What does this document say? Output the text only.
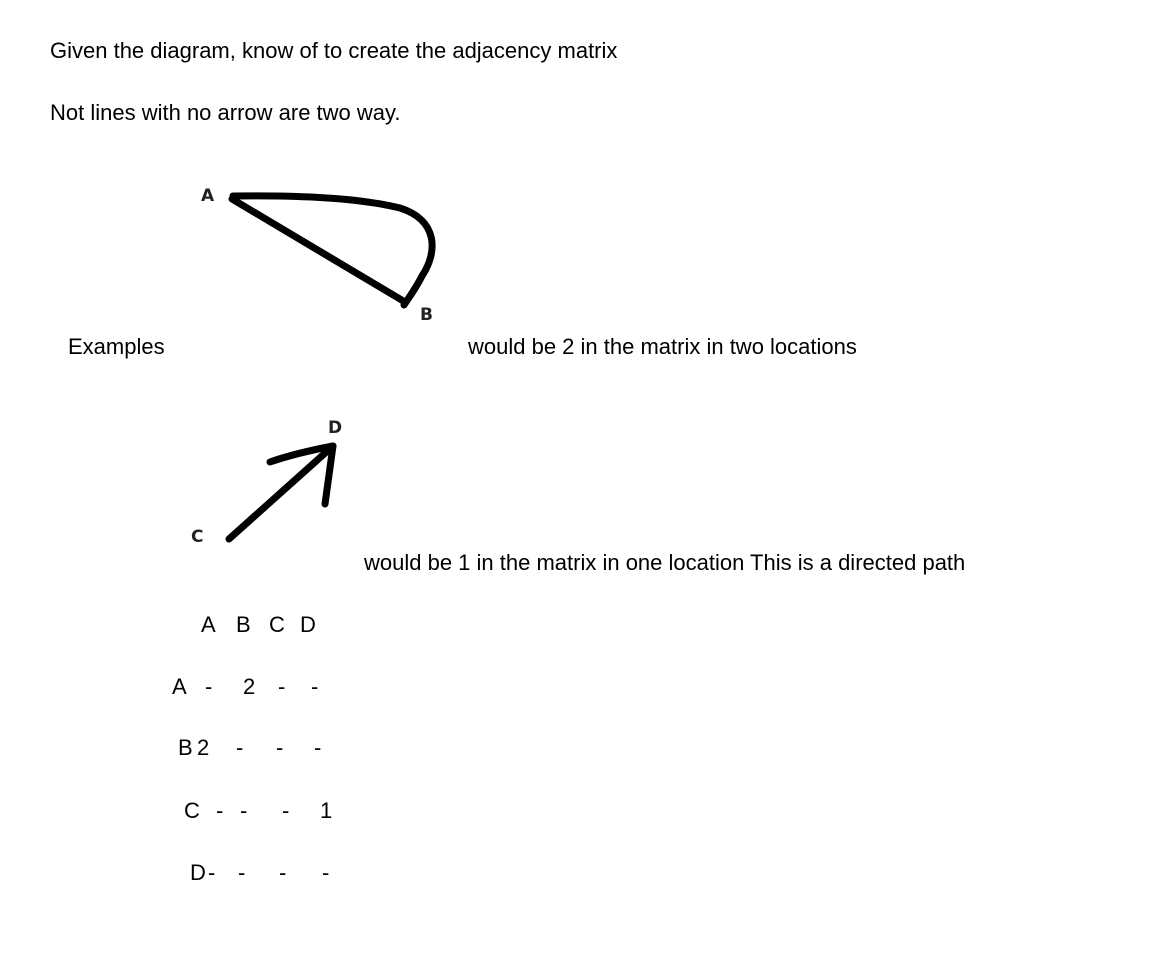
Given the diagram, know of to create the adjacency matrix
Not lines with no arrow are two way.
A
B
D
C
Examples	would be 2 in the matrix in two locations
would be 1 in the matrix in one location This is a directed path
A B C D
A - 2 - -
B 2 - - -
C - - - 1
D - - - -
